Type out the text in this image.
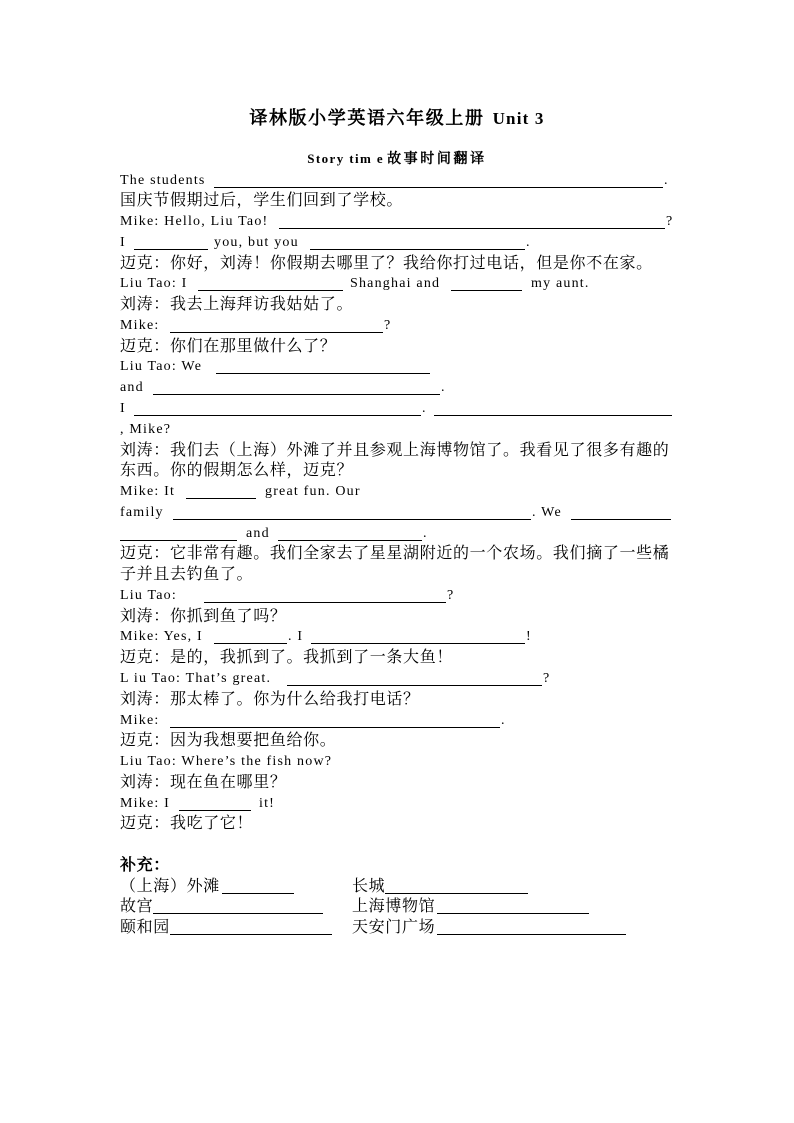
译林版小学英语六年级上册 Unit 3
Story tim e 故事时间翻译
The students	.
国庆节假期过后，学生们回到了学校。
Mike: Hello, Liu Tao!	?
I	you, but you	.
迈克：你好，刘涛！你假期去哪里了？我给你打过电话，但是你不在家。
Liu Tao: I	Shanghai and	my aunt.
刘涛：我去上海拜访我姑姑了。
Mike:	?
迈克：你们在那里做什么了？
Liu Tao: We
and	.
I	.
, Mike?
刘涛：我们去（上海）外滩了并且参观上海博物馆了。我看见了很多有趣的
东西。你的假期怎么样，迈克？
Mike: It	great fun. Our
family	. We
and	.
迈克：它非常有趣。我们全家去了星星湖附近的一个农场。我们摘了一些橘
子并且去钓鱼了。
Liu Tao:	?
刘涛：你抓到鱼了吗？
Mike: Yes, I	. I	!
迈克：是的，我抓到了。我抓到了一条大鱼！
L iu Tao: That’s great.	?
刘涛：那太棒了。你为什么给我打电话？
Mike:	.
迈克：因为我想要把鱼给你。
Liu Tao: Where’s the fish now?
刘涛：现在鱼在哪里？
Mike: I	it!
迈克：我吃了它！
补充：
（上海）外滩	长城
故宫	上海博物馆
颐和园	天安门广场
